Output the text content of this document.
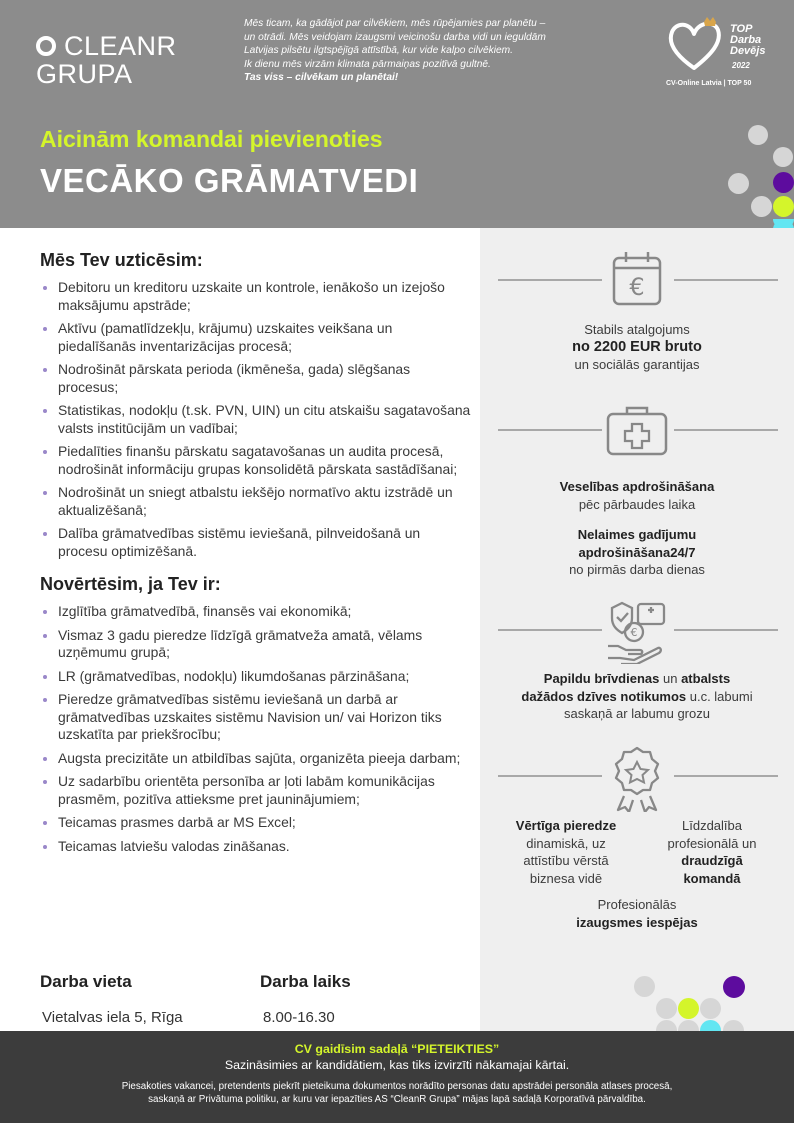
CLEANR
GRUPA
Mēs ticam, ka gādājot par cilvēkiem, mēs rūpējamies par planētu –
un otrādi. Mēs veidojam izaugsmi veicinošu darba vidi un ieguldām
Latvijas pilsētu ilgtspējīgā attīstībā, kur vide kalpo cilvēkiem.
Ik dienu mēs virzām klimata pārmaiņas pozitīvā gultnē.
Tas viss – cilvēkam un planētai!
TOP
Darba
Devējs
2022
CV-Online Latvia | TOP 50
Aicinām komandai pievienoties
VECĀKO GRĀMATVEDI
€
Stabils atalgojums
no 2200 EUR bruto
un sociālās garantijas
Veselības apdrošināšana
pēc pārbaudes laika
Nelaimes gadījumu
apdrošināšana24/7
no pirmās darba dienas
€
Papildu brīvdienas un atbalsts
dažādos dzīves notikumos u.c. labumi
saskaņā ar labumu grozu
Vērtīga pieredze
dinamiskā, uz
attīstību vērstā
biznesa vidē
Līdzdalība
profesionālā un
draudzīgā
komandā
Profesionālās
izaugsmes iespējas
Mēs Tev uzticēsim:
Debitoru un kreditoru uzskaite un kontrole, ienākošo un izejošo maksājumu apstrāde;
Aktīvu (pamatlīdzekļu, krājumu) uzskaites veikšana un piedalīšanās inventarizācijas procesā;
Nodrošināt pārskata perioda (ikmēneša, gada) slēgšanas procesus;
Statistikas, nodokļu (t.sk. PVN, UIN) un citu atskaišu sagatavošana valsts institūcijām un vadībai;
Piedalīties finanšu pārskatu sagatavošanas un audita procesā, nodrošināt informāciju grupas konsolidētā pārskata sastādīšanai;
Nodrošināt un sniegt atbalstu iekšējo normatīvo aktu izstrādē un aktualizēšanā;
Dalība grāmatvedības sistēmu ieviešanā, pilnveidošanā un procesu optimizēšanā.
Novērtēsim, ja Tev ir:
Izglītība grāmatvedībā, finansēs vai ekonomikā;
Vismaz 3 gadu pieredze līdzīgā grāmatveža amatā, vēlams uzņēmumu grupā;
LR (grāmatvedības, nodokļu) likumdošanas pārzināšana;
Pieredze grāmatvedības sistēmu ieviešanā un darbā ar grāmatvedības uzskaites sistēmu Navision un/ vai Horizon tiks uzskatīta par priekšrocību;
Augsta precizitāte un atbildības sajūta, organizēta pieeja darbam;
Uz sadarbību orientēta personība ar ļoti labām komunikācijas prasmēm, pozitīva attieksme pret jauninājumiem;
Teicamas prasmes darbā ar MS Excel;
Teicamas latviešu valodas zināšanas.
Darba vieta
Vietalvas iela 5, Rīga
Darba laiks
8.00-16.30
CV gaidīsim sadaļā “PIETEIKTIES”
Sazināsimies ar kandidātiem, kas tiks izvirzīti nākamajai kārtai.
Piesakoties vakancei, pretendents piekrīt pieteikuma dokumentos norādīto personas datu apstrādei personāla atlases procesā,
saskaņā ar Privātuma politiku, ar kuru var iepazīties AS “CleanR Grupa” mājas lapā sadaļā Korporatīvā pārvaldība.
